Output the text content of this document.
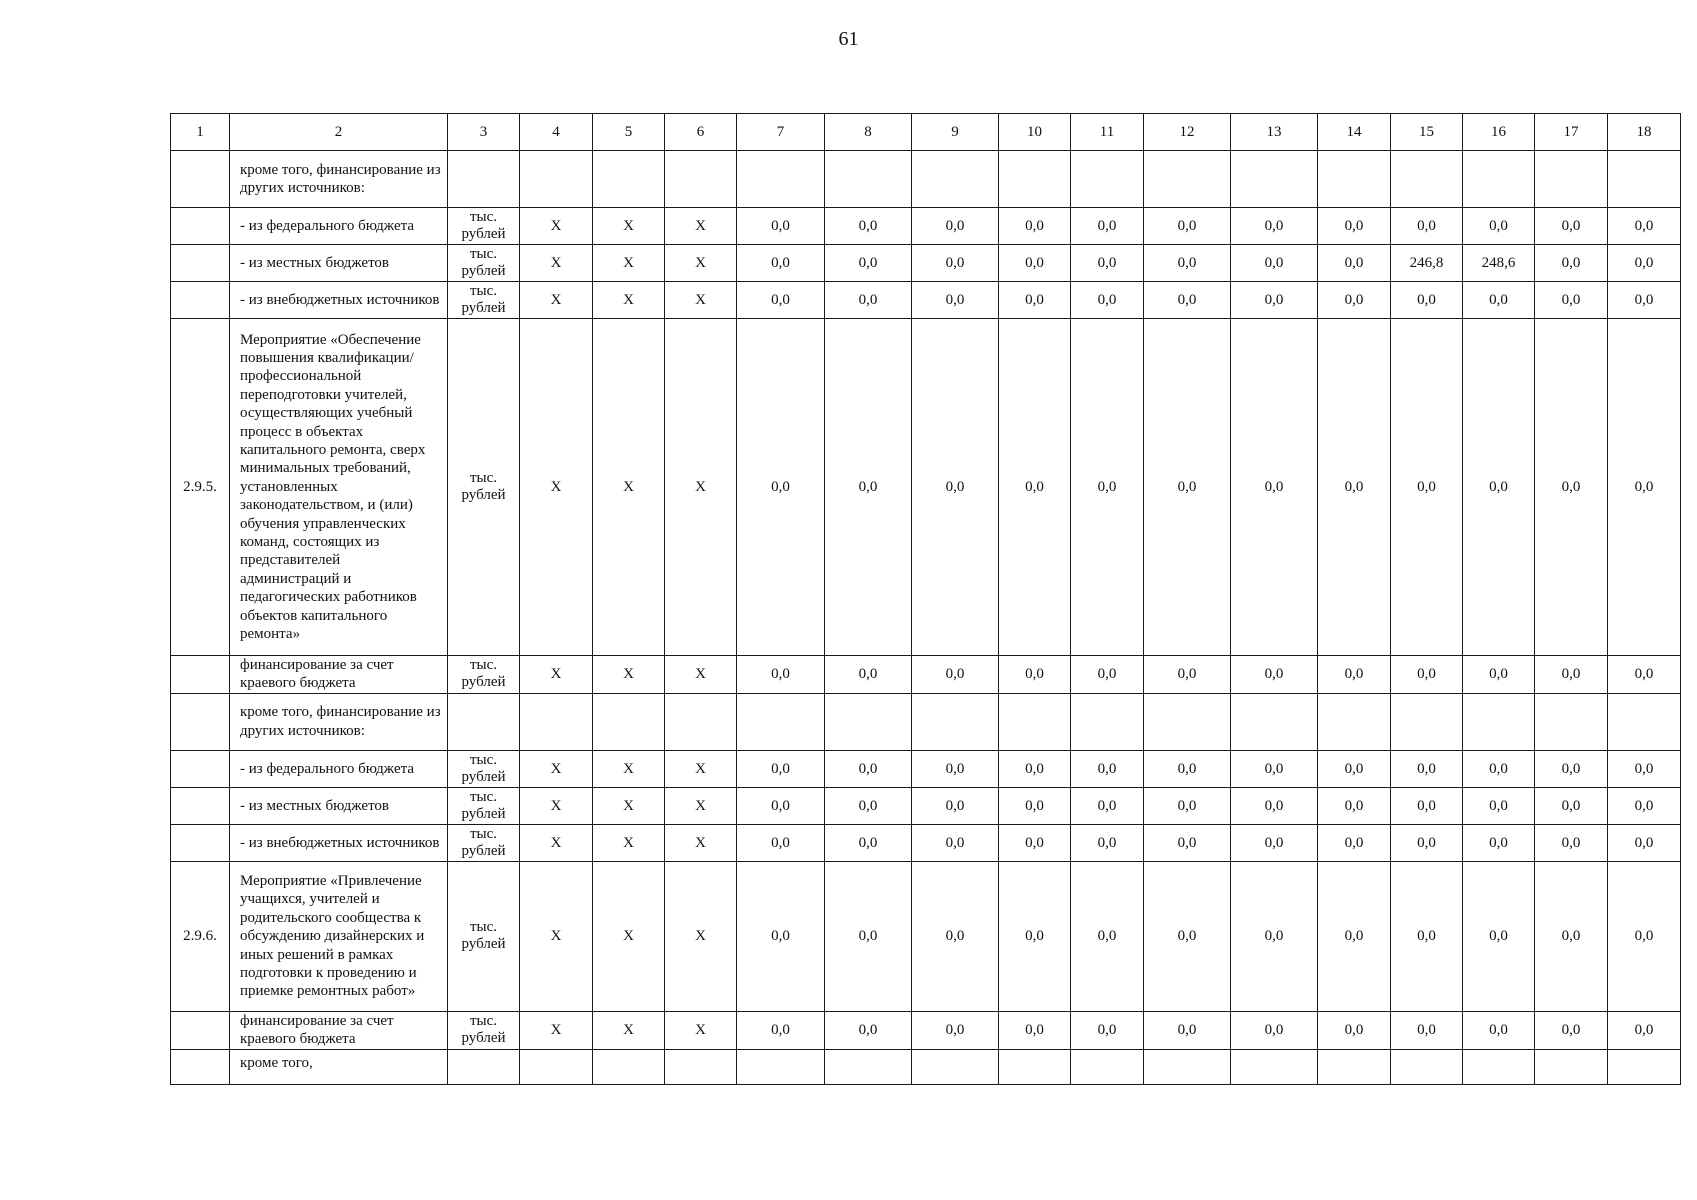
61
1	2	3	4	5	6	7	8	9	10	11	12	13	14	15	16	17	18
	кроме того, финансирование из других источников:																
	- из федерального бюджета	тыс. рублей	X	X	X	0,0	0,0	0,0	0,0	0,0	0,0	0,0	0,0	0,0	0,0	0,0	0,0
	- из местных бюджетов	тыс. рублей	X	X	X	0,0	0,0	0,0	0,0	0,0	0,0	0,0	0,0	246,8	248,6	0,0	0,0
	- из внебюджетных источников	тыс. рублей	X	X	X	0,0	0,0	0,0	0,0	0,0	0,0	0,0	0,0	0,0	0,0	0,0	0,0
2.9.5.	Мероприятие «Обеспечение повышения квалификации/профессиональной переподготовки учителей, осуществляющих учебный процесс в объектах капитального ремонта, сверх минимальных требований, установленных законодательством, и (или) обучения управленческих команд, состоящих из представителей администраций и педагогических работников объектов капитального ремонта»	тыс. рублей	X	X	X	0,0	0,0	0,0	0,0	0,0	0,0	0,0	0,0	0,0	0,0	0,0	0,0
	финансирование за счет краевого бюджета	тыс. рублей	X	X	X	0,0	0,0	0,0	0,0	0,0	0,0	0,0	0,0	0,0	0,0	0,0	0,0
	кроме того, финансирование из других источников:																
	- из федерального бюджета	тыс. рублей	X	X	X	0,0	0,0	0,0	0,0	0,0	0,0	0,0	0,0	0,0	0,0	0,0	0,0
	- из местных бюджетов	тыс. рублей	X	X	X	0,0	0,0	0,0	0,0	0,0	0,0	0,0	0,0	0,0	0,0	0,0	0,0
	- из внебюджетных источников	тыс. рублей	X	X	X	0,0	0,0	0,0	0,0	0,0	0,0	0,0	0,0	0,0	0,0	0,0	0,0
2.9.6.	Мероприятие «Привлечение учащихся, учителей и родительского сообщества к обсуждению дизайнерских и иных решений в рамках подготовки к проведению и приемке ремонтных работ»	тыс. рублей	X	X	X	0,0	0,0	0,0	0,0	0,0	0,0	0,0	0,0	0,0	0,0	0,0	0,0
	финансирование за счет краевого бюджета	тыс. рублей	X	X	X	0,0	0,0	0,0	0,0	0,0	0,0	0,0	0,0	0,0	0,0	0,0	0,0
	кроме того,																
